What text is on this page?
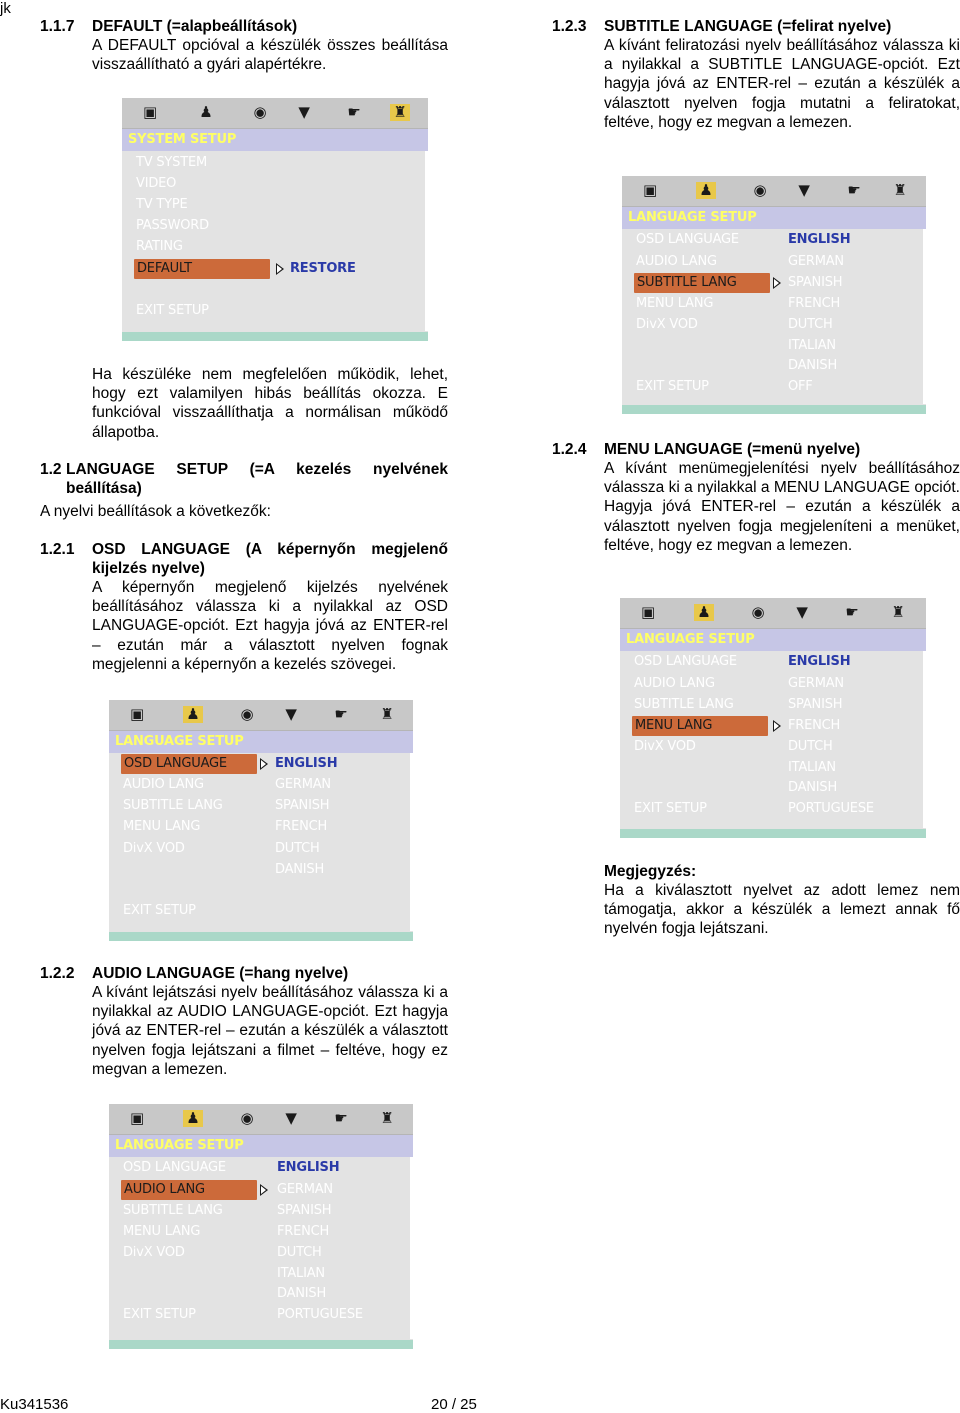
jk
1.1.7	DEFAULT (=alapbeállítások)
A DEFAULT opcióval a készülék összes beállítása visszaállítható a gyári alapértékre.
▣	♟	◉ ▼	☛ ♜
SYSTEM SETUP
TV SYSTEM
VIDEO
TV TYPE
PASSWORD
RATING
DEFAULT	RESTORE
EXIT SETUP
Ha készüléke nem megfelelően működik, lehet, hogy ezt valamilyen hibás beállítás okozza. E funkcióval visszaállíthatja a normálisan működő állapotba.
1.2 LANGUAGE SETUP (=A kezelés nyelvének beállítása)
A nyelvi beállítások a következők:
1.2.1	OSD LANGUAGE (A képernyőn megjelenő kijelzés nyelve)
A képernyőn megjelenő kijelzés nyelvének beállításához válassza ki a nyilakkal az OSD LANGUAGE-opciót. Ezt hagyja jóvá az ENTER-rel – ezután már a választott nyelven fognak megjelenni a képernyőn a kezelés szövegei.
▣	♟	◉ ▼	☛ ♜
LANGUAGE SETUP
OSD LANGUAGE
AUDIO LANG
SUBTITLE LANG
MENU LANG
DivX VOD
ENGLISH
GERMAN
SPANISH
FRENCH
DUTCH
DANISH
EXIT SETUP
1.2.2	AUDIO LANGUAGE (=hang nyelve)
A kívánt lejátszási nyelv beállításához válassza ki a nyilakkal az AUDIO LANGUAGE-opciót. Ezt hagyja jóvá az ENTER-rel – ezután a készülék a választott nyelven fogja lejátszani a filmet – feltéve, hogy ez megvan a lemezen.
▣	♟	◉ ▼	☛ ♜
LANGUAGE SETUP
OSD LANGUAGE
AUDIO LANG
SUBTITLE LANG
MENU LANG
DivX VOD
ENGLISH
GERMAN
SPANISH
FRENCH
DUTCH
ITALIAN
DANISH
PORTUGUESE
EXIT SETUP
1.2.3	SUBTITLE LANGUAGE (=felirat nyelve)
A kívánt feliratozási nyelv beállításához válassza ki a nyilakkal a SUBTITLE LANGUAGE-opciót. Ezt hagyja jóvá az ENTER-rel – ezután a készülék a választott nyelven fogja mutatni a feliratokat, feltéve, hogy ez megvan a lemezen.
▣	♟	◉ ▼	☛ ♜
LANGUAGE SETUP
OSD LANGUAGE
AUDIO LANG
SUBTITLE LANG
MENU LANG
DivX VOD
ENGLISH
GERMAN
SPANISH
FRENCH
DUTCH
ITALIAN
DANISH
OFF
EXIT SETUP
1.2.4	MENU LANGUAGE (=menü nyelve)
A kívánt menümegjelenítési nyelv beállításához válassza ki a nyilakkal a MENU LANGUAGE opciót. Hagyja jóvá ENTER-rel – ezután a készülék a választott nyelven fogja megjeleníteni a menüket, feltéve, hogy ez megvan a lemezen.
▣	♟	◉ ▼	☛ ♜
LANGUAGE SETUP
OSD LANGUAGE
AUDIO LANG
SUBTITLE LANG
MENU LANG
DivX VOD
ENGLISH
GERMAN
SPANISH
FRENCH
DUTCH
ITALIAN
DANISH
PORTUGUESE
EXIT SETUP
Megjegyzés:
Ha a kiválasztott nyelvet az adott lemez nem támogatja, akkor a készülék a lemezt annak fő nyelvén fogja lejátszani.
Ku341536	20 / 25
